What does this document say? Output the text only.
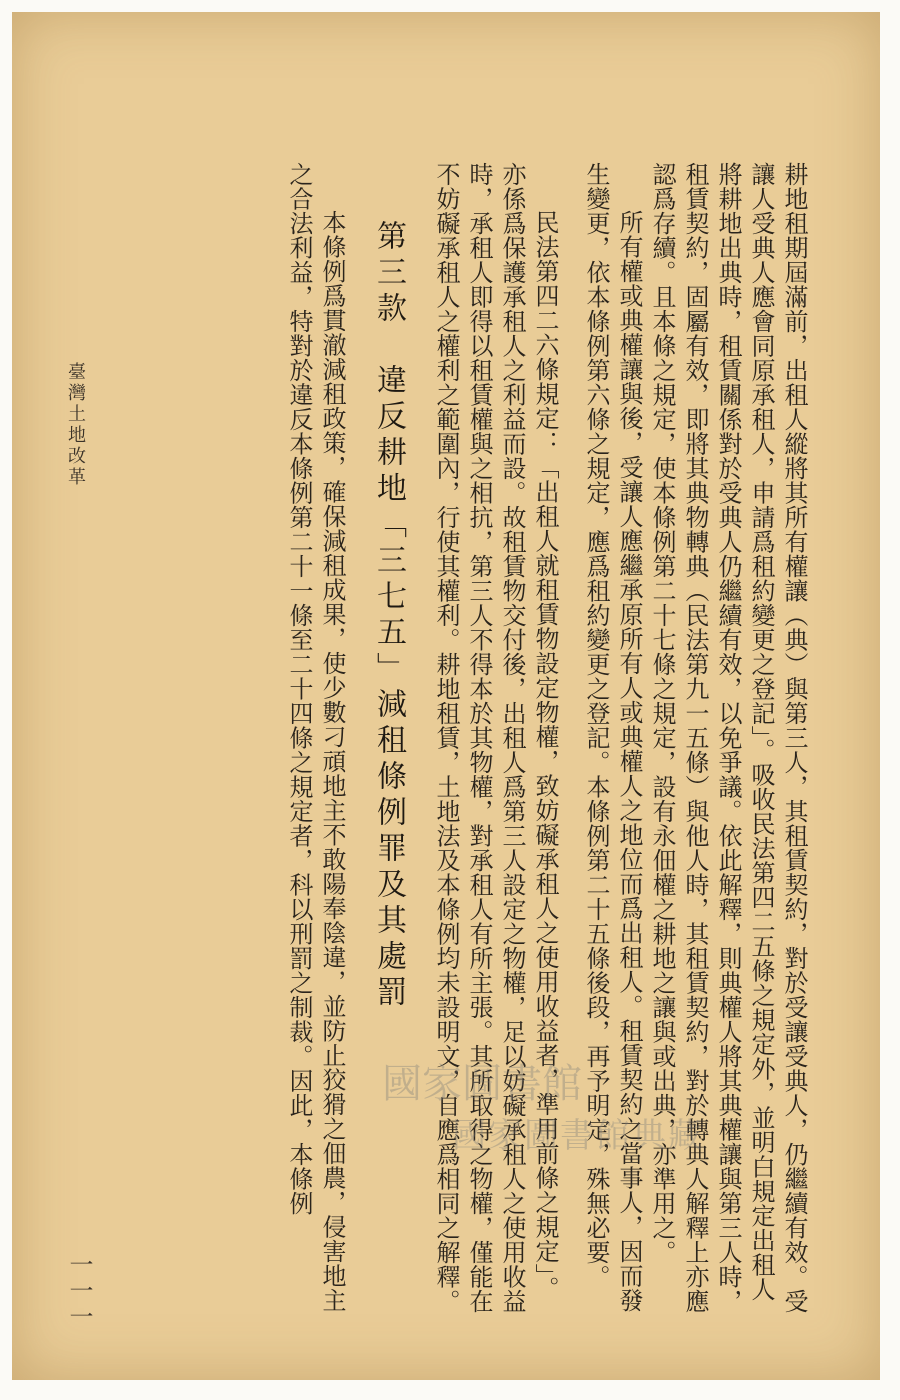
耕地租期屆滿前，出租人縱將其所有權讓（典）與第三人，其租賃契約，對於受讓受典人，仍繼續有效。受讓人受典人應會同原承租人，申請爲租約變更之登記」。吸收民法第四二五條之規定外，並明白規定出租人將耕地出典時，租賃關係對於受典人仍繼續有效，以免爭議。依此解釋，則典權人將其典權讓與第三人時，租賃契約，固屬有效，即將其典物轉典（民法第九一五條）與他人時，其租賃契約，對於轉典人解釋上亦應認爲存續。且本條之規定，使本條例第二十七條之規定，設有永佃權之耕地之讓與或出典，亦準用之。

所有權或典權讓與後，受讓人應繼承原所有人或典權人之地位而爲出租人。租賃契約之當事人，因而發生變更，依本條例第六條之規定，應爲租約變更之登記。本條例第二十五條後段，再予明定，殊無必要。

民法第四二六條規定：「出租人就租賃物設定物權，致妨礙承租人之使用收益者，準用前條之規定」。亦係爲保護承租人之利益而設。故租賃物交付後，出租人爲第三人設定之物權，足以妨礙承租人之使用收益時，承租人即得以租賃權與之相抗，第三人不得本於其物權，對承租人有所主張。其所取得之物權，僅能在不妨礙承租人之權利之範圍內，行使其權利。耕地租賃，土地法及本條例均未設明文，自應爲相同之解釋。

第三款　違反耕地「三七五」減租條例罪及其處罰

本條例爲貫澈減租政策，確保減租成果，使少數刁頑地主不敢陽奉陰違，並防止狡猾之佃農，侵害地主之合法利益，特對於違反本條例第二十一條至二十四條之規定者，科以刑罰之制裁。因此，本條例

臺灣土地改革
一一一
國家圖書館
國家圖書館典藏
